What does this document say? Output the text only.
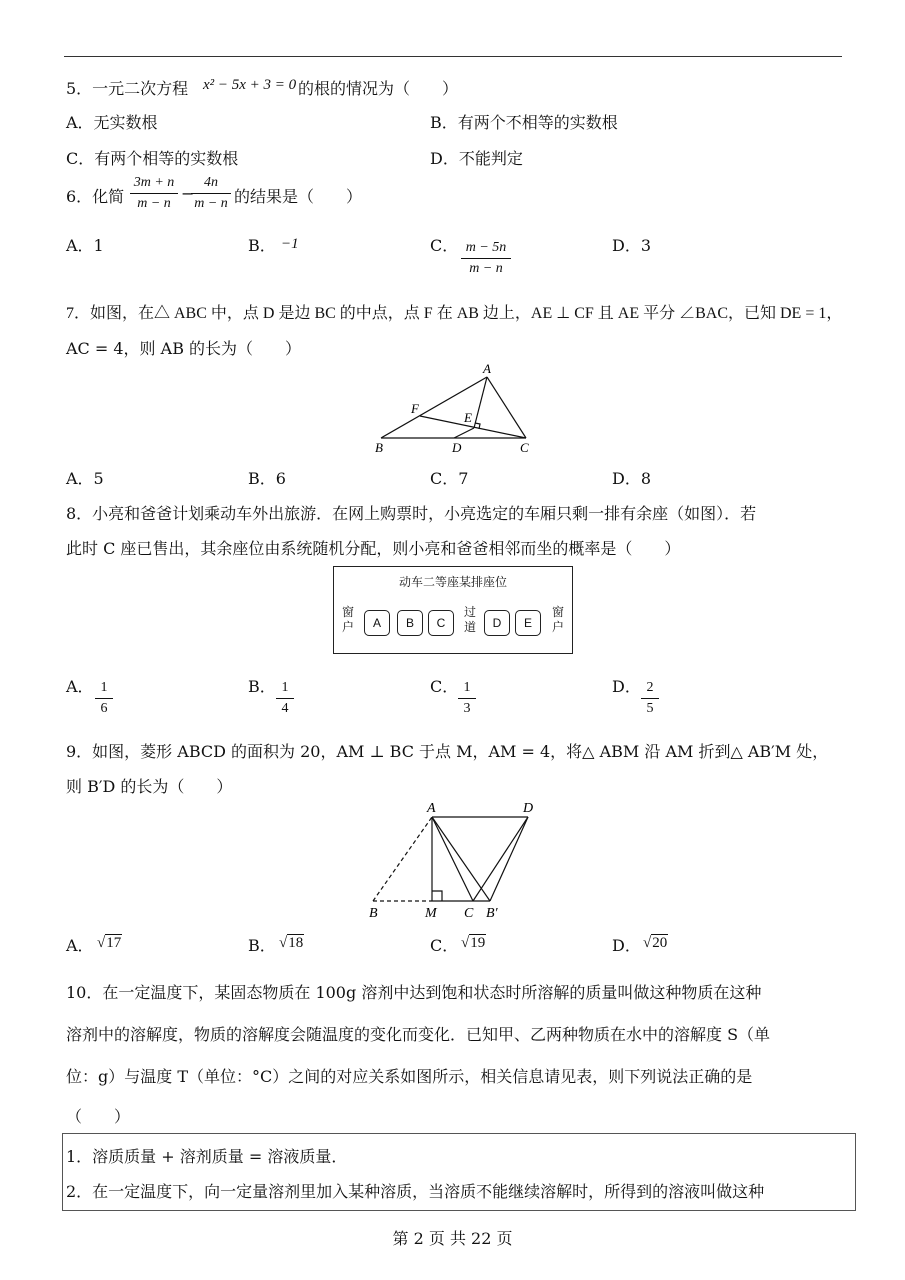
5．一元二次方程 x² − 5x + 3 = 0 的根的情况为（　　）
A．无实数根	B．有两个不相等的实数根
C．有两个相等的实数根	D．不能判定
6．化简
3m + n
m − n
−
4n
m − n 的结果是（　　）
A．1	B． −1	C． m − 5n
m − n
D．3
7．如图，在△ ABC 中，点 D 是边 BC 的中点，点 F 在 AB 边上，AE ⊥ CF 且 AE 平分 ∠BAC，已知 DE = 1，
AC = 4，则 AB 的长为（　　）
A
B	C
D
E
F
A．5	B．6	C．7	D．8
8．小亮和爸爸计划乘动车外出旅游．在网上购票时，小亮选定的车厢只剩一排有余座（如图）．若
此时 C 座已售出，其余座位由系统随机分配，则小亮和爸爸相邻而坐的概率是（　　）
动车二等座某排座位
窗户	A	B	C
过道	D	E
窗户
A． 1
6
B． 1
4
C． 1
3
D． 2
5
9．如图，菱形 ABCD 的面积为 20，AM ⊥ BC 于点 M，AM = 4，将△ ABM 沿 AM 折到△ AB′M 处，
则 B′D 的长为（　　）
A	D
B	M C B′
A． √17	B． √18	C． √19	D． √20
10．在一定温度下，某固态物质在 100g 溶剂中达到饱和状态时所溶解的质量叫做这种物质在这种
溶剂中的溶解度，物质的溶解度会随温度的变化而变化．已知甲、乙两种物质在水中的溶解度 S（单
位：g）与温度 T（单位：°C）之间的对应关系如图所示，相关信息请见表，则下列说法正确的是
（　　）
1．溶质质量 + 溶剂质量 = 溶液质量．
2．在一定温度下，向一定量溶剂里加入某种溶质，当溶质不能继续溶解时，所得到的溶液叫做这种
第 2 页 共 22 页
